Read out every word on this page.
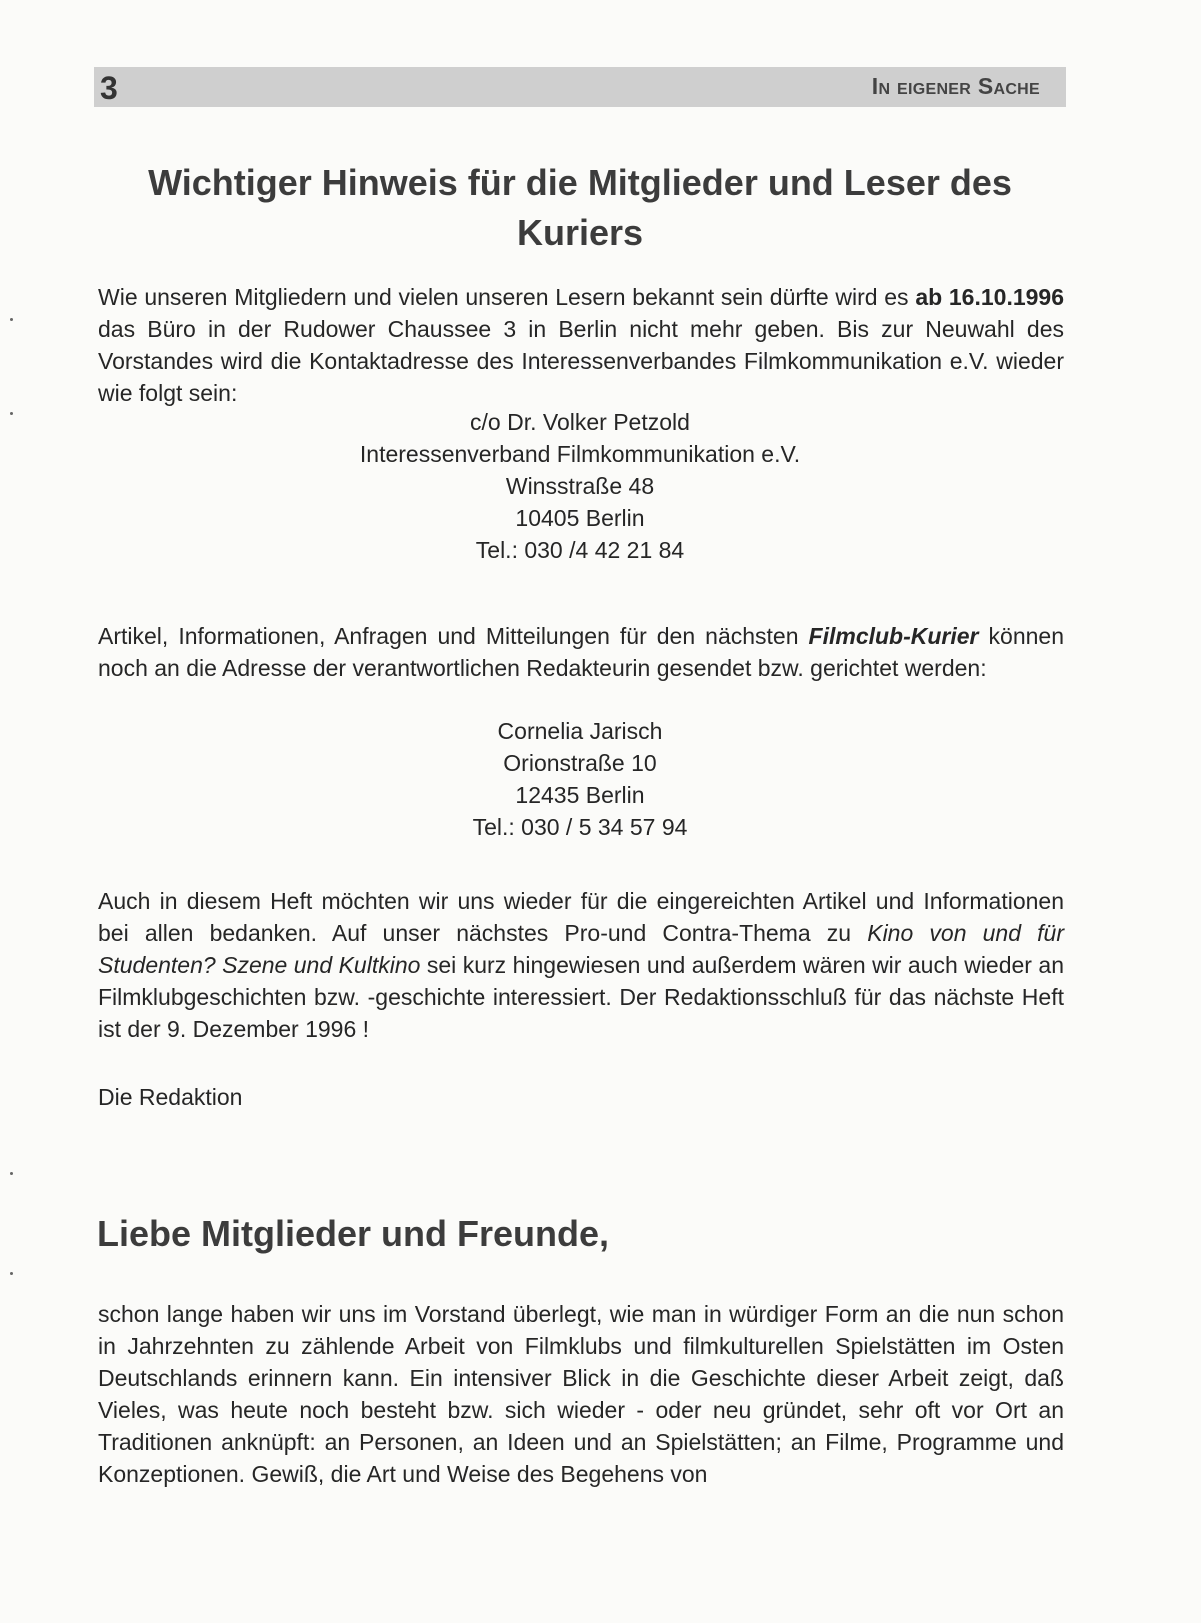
3	In eigener Sache
Wichtiger Hinweis für die Mitglieder und Leser des Kuriers

Wie unseren Mitgliedern und vielen unseren Lesern bekannt sein dürfte wird es ab 16.10.1996 das Büro in der Rudower Chaussee 3 in Berlin nicht mehr geben. Bis zur Neuwahl des Vorstandes wird die Kontaktadresse des Interessenverbandes Filmkommunikation e.V. wieder wie folgt sein:

c/o Dr. Volker Petzold
Interessenverband Filmkommunikation e.V.
Winsstraße 48
10405 Berlin
Tel.: 030 /4 42 21 84

Artikel, Informationen, Anfragen und Mitteilungen für den nächsten Filmclub-Kurier können noch an die Adresse der verantwortlichen Redakteurin gesendet bzw. gerichtet werden:

Cornelia Jarisch
Orionstraße 10
12435 Berlin
Tel.: 030 / 5 34 57 94

Auch in diesem Heft möchten wir uns wieder für die eingereichten Artikel und Informationen bei allen bedanken. Auf unser nächstes Pro-und Contra-Thema zu Kino von und für Studenten? Szene und Kultkino sei kurz hingewiesen und außerdem wären wir auch wieder an Filmklubgeschichten bzw. -geschichte interessiert. Der Redaktionsschluß für das nächste Heft ist der 9. Dezember 1996 !

Die Redaktion

Liebe Mitglieder und Freunde,

schon lange haben wir uns im Vorstand überlegt, wie man in würdiger Form an die nun schon in Jahrzehnten zu zählende Arbeit von Filmklubs und filmkulturellen Spielstätten im Osten Deutschlands erinnern kann. Ein intensiver Blick in die Geschichte dieser Arbeit zeigt, daß Vieles, was heute noch besteht bzw. sich wieder - oder neu gründet, sehr oft vor Ort an Traditionen anknüpft: an Personen, an Ideen und an Spielstätten; an Filme, Programme und Konzeptionen. Gewiß, die Art und Weise des Begehens von
